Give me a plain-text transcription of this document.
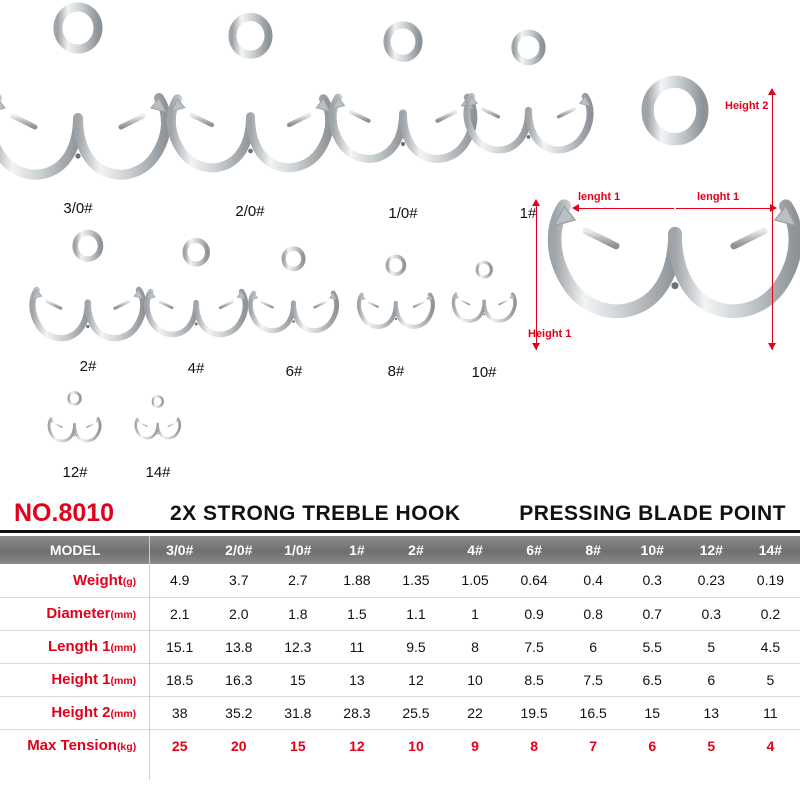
3/0#	2/0#	1/0#	1#
2#	4#	6#	8#	10#
12#	14#
Height 2
Height 1
lenght 1	lenght 1
NO.8010	2X STRONG TREBLE HOOK	PRESSING BLADE POINT
MODEL	3/0#	2/0#	1/0#	1#	2#	4#	6#	8#	10#	12#	14#
Weight(g)	4.9	3.7	2.7	1.88	1.35	1.05	0.64	0.4	0.3	0.23	0.19
Diameter(mm)	2.1	2.0	1.8	1.5	1.1	1	0.9	0.8	0.7	0.3	0.2
Length 1(mm)	15.1	13.8	12.3	11	9.5	8	7.5	6	5.5	5	4.5
Height 1(mm)	18.5	16.3	15	13	12	10	8.5	7.5	6.5	6	5
Height 2(mm)	38	35.2	31.8	28.3	25.5	22	19.5	16.5	15	13	11
Max Tension(kg)	25	20	15	12	10	9	8	7	6	5	4
